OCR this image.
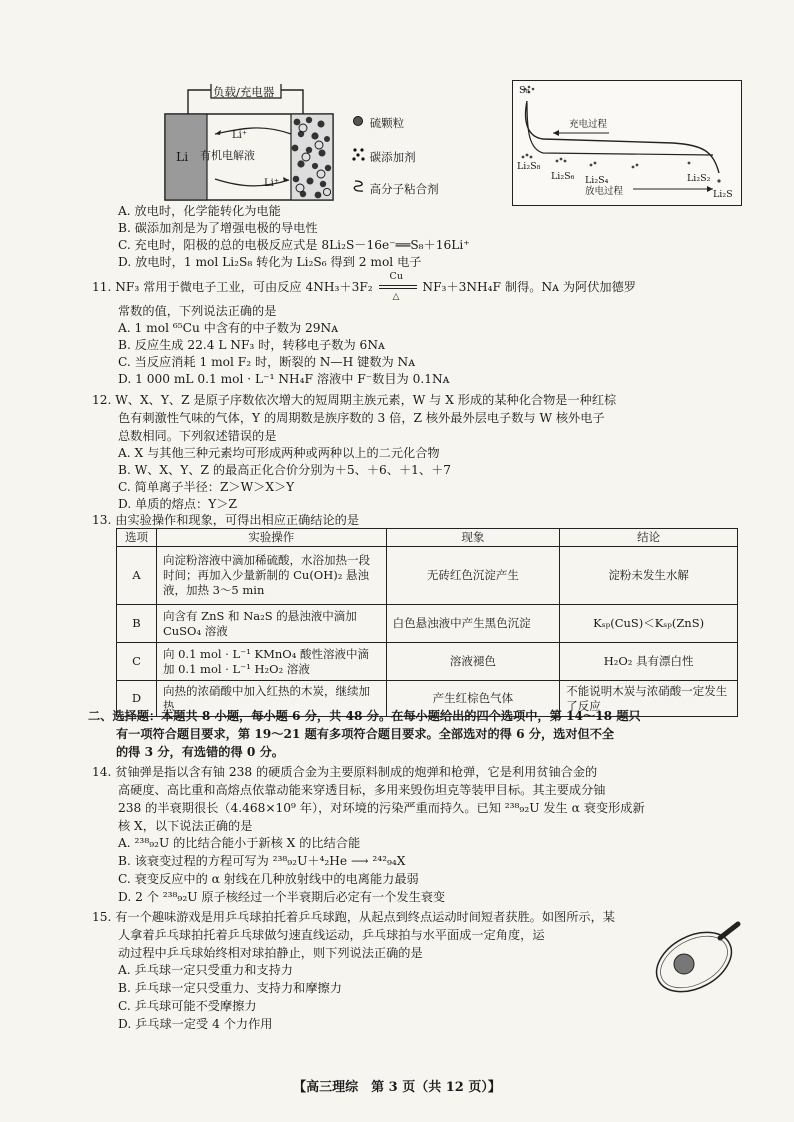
负载/充电器
Li
Li⁺
有机电解液
Li⁺
硫颗粒
碳添加剂
高分子粘合剂
S₈
充电过程
Li₂S₈
Li₂S₆ Li₂S₄	Li₂S₂
Li₂S
放电过程
A. 放电时，化学能转化为电能
B. 碳添加剂是为了增强电极的导电性
C. 充电时，阳极的总的电极反应式是 8Li₂S－16e⁻══S₈＋16Li⁺
D. 放电时，1 mol Li₂S₈ 转化为 Li₂S₆ 得到 2 mol 电子
11. NF₃ 常用于微电子工业，可由反应 4NH₃＋3F₂
Cu
△
NF₃＋3NH₄F 制得。Nᴀ 为阿伏加德罗
常数的值，下列说法正确的是
A. 1 mol ⁶⁵Cu 中含有的中子数为 29Nᴀ
B. 反应生成 22.4 L NF₃ 时，转移电子数为 6Nᴀ
C. 当反应消耗 1 mol F₂ 时，断裂的 N—H 键数为 Nᴀ
D. 1 000 mL 0.1 mol · L⁻¹ NH₄F 溶液中 F⁻数目为 0.1Nᴀ
12. W、X、Y、Z 是原子序数依次增大的短周期主族元素，W 与 X 形成的某种化合物是一种红棕
色有刺激性气味的气体，Y 的周期数是族序数的 3 倍，Z 核外最外层电子数与 W 核外电子
总数相同。下列叙述错误的是
A. X 与其他三种元素均可形成两种或两种以上的二元化合物
B. W、X、Y、Z 的最高正化合价分别为＋5、＋6、＋1、＋7
C. 简单离子半径：Z＞W＞X＞Y
D. 单质的熔点：Y＞Z
13. 由实验操作和现象，可得出相应正确结论的是
选项	实验操作	现象	结论
A	向淀粉溶液中滴加稀硫酸，水浴加热一段时间；再加入少量新制的 Cu(OH)₂ 悬浊液，加热 3～5 min	无砖红色沉淀产生	淀粉未发生水解
B	向含有 ZnS 和 Na₂S 的悬浊液中滴加 CuSO₄ 溶液	白色悬浊液中产生黑色沉淀	Kₛₚ(CuS)＜Kₛₚ(ZnS)
C	向 0.1 mol · L⁻¹ KMnO₄ 酸性溶液中滴加 0.1 mol · L⁻¹ H₂O₂ 溶液	溶液褪色	H₂O₂ 具有漂白性
D	向热的浓硝酸中加入红热的木炭，继续加热	产生红棕色气体	不能说明木炭与浓硝酸一定发生了反应
二、选择题：本题共 8 小题，每小题 6 分，共 48 分。在每小题给出的四个选项中，第 14～18 题只
有一项符合题目要求，第 19～21 题有多项符合题目要求。全部选对的得 6 分，选对但不全
的得 3 分，有选错的得 0 分。
14. 贫铀弹是指以含有铀 238 的硬质合金为主要原料制成的炮弹和枪弹，它是利用贫铀合金的
高硬度、高比重和高熔点依靠动能来穿透目标，多用来毁伤坦克等装甲目标。其主要成分铀
238 的半衰期很长（4.468×10⁹ 年），对环境的污染严重而持久。已知 ²³⁸₉₂U 发生 α 衰变形成新
核 X，以下说法正确的是
A. ²³⁸₉₂U 的比结合能小于新核 X 的比结合能
B. 该衰变过程的方程可写为 ²³⁸₉₂U＋⁴₂He ⟶ ²⁴²₉₄X
C. 衰变反应中的 α 射线在几种放射线中的电离能力最弱
D. 2 个 ²³⁸₉₂U 原子核经过一个半衰期后必定有一个发生衰变
15. 有一个趣味游戏是用乒乓球拍托着乒乓球跑，从起点到终点运动时间短者获胜。如图所示，某
人拿着乒乓球拍托着乒乓球做匀速直线运动，乒乓球拍与水平面成一定角度，运
动过程中乒乓球始终相对球拍静止，则下列说法正确的是
A. 乒乓球一定只受重力和支持力
B. 乒乓球一定只受重力、支持力和摩擦力
C. 乒乓球可能不受摩擦力
D. 乒乓球一定受 4 个力作用
【高三理综　第 3 页（共 12 页）】
